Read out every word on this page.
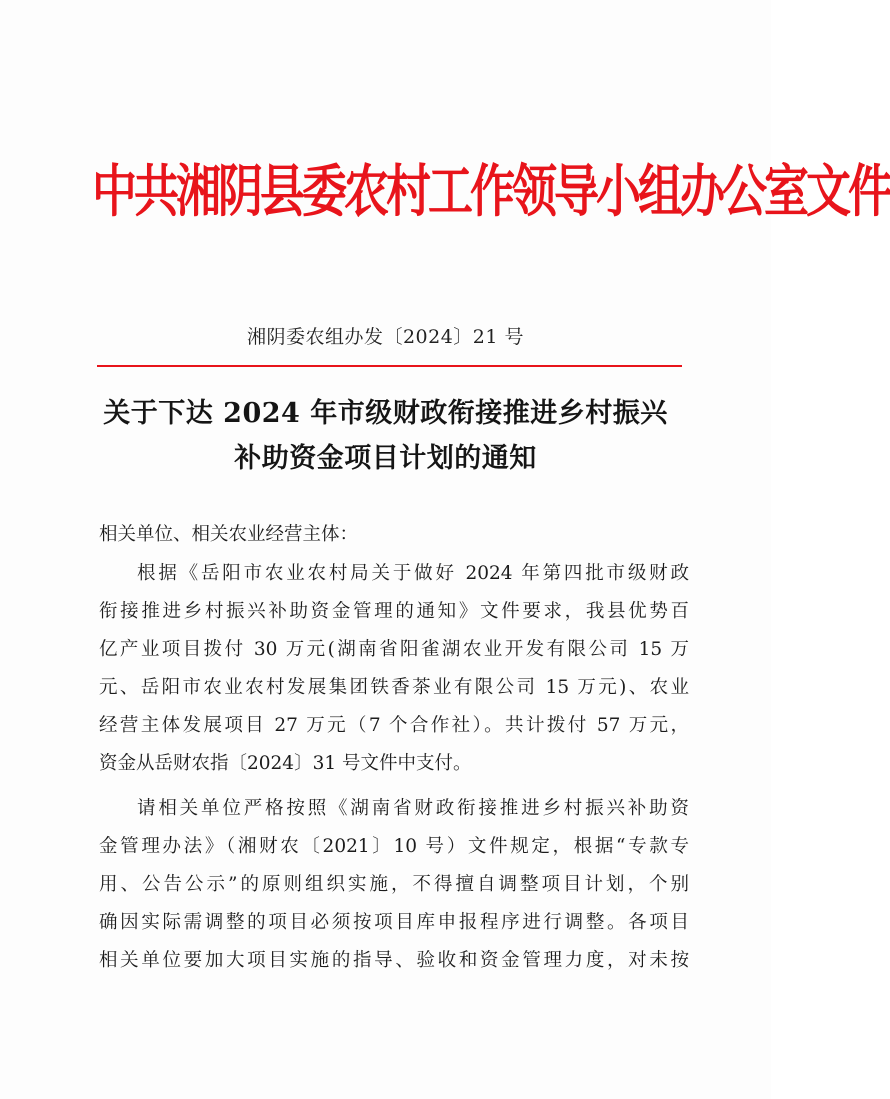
中共湘阴县委农村工作领导小组办公室文件
湘阴委农组办发〔2024〕21 号
关于下达 2024 年市级财政衔接推进乡村振兴
补助资金项目计划的通知
相关单位、相关农业经营主体：
根据《岳阳市农业农村局关于做好 2024 年第四批市级财政
衔接推进乡村振兴补助资金管理的通知》文件要求，我县优势百
亿产业项目拨付 30 万元(湖南省阳雀湖农业开发有限公司 15 万
元、岳阳市农业农村发展集团铁香茶业有限公司 15 万元)、农业
经营主体发展项目 27 万元（7 个合作社）。共计拨付 57 万元，
资金从岳财农指〔2024〕31 号文件中支付。
请相关单位严格按照《湖南省财政衔接推进乡村振兴补助资
金管理办法》（湘财农〔2021〕10 号）文件规定，根据“专款专
用、公告公示”的原则组织实施，不得擅自调整项目计划，个别
确因实际需调整的项目必须按项目库申报程序进行调整。各项目
相关单位要加大项目实施的指导、验收和资金管理力度，对未按
